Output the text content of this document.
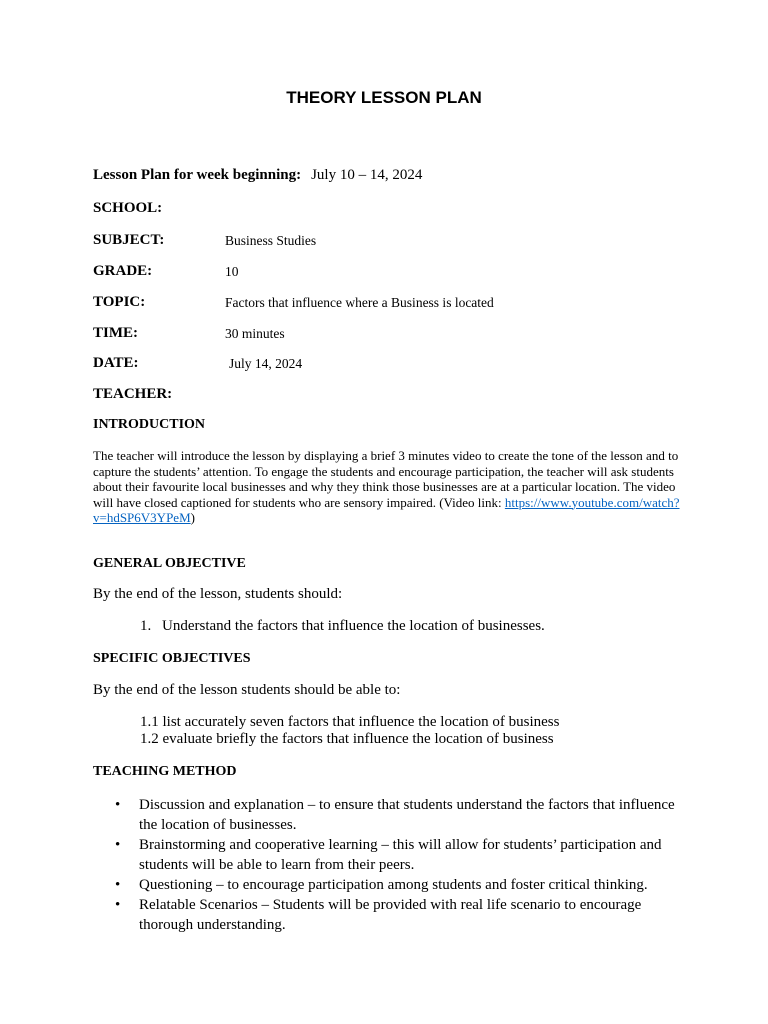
THEORY LESSON PLAN
Lesson Plan for week beginning: July 10 – 14, 2024
SCHOOL:
SUBJECT:	Business Studies
GRADE:	10
TOPIC:	Factors that influence where a Business is located
TIME:	30 minutes
DATE:	July 14, 2024
TEACHER:
INTRODUCTION
The teacher will introduce the lesson by displaying a brief 3 minutes video to create the tone of the lesson and to capture the students’ attention. To engage the students and encourage participation, the teacher will ask students about their favourite local businesses and why they think those businesses are at a particular location. The video will have closed captioned for students who are sensory impaired. (Video link: https://www.youtube.com/watch?v=hdSP6V3YPeM)
GENERAL OBJECTIVE
By the end of the lesson, students should:
1. Understand the factors that influence the location of businesses.
SPECIFIC OBJECTIVES
By the end of the lesson students should be able to:
1.1 list accurately seven factors that influence the location of business
1.2 evaluate briefly the factors that influence the location of business
TEACHING METHOD
• Discussion and explanation – to ensure that students understand the factors that influence the location of businesses.
• Brainstorming and cooperative learning – this will allow for students’ participation and students will be able to learn from their peers.
• Questioning – to encourage participation among students and foster critical thinking.
• Relatable Scenarios – Students will be provided with real life scenario to encourage thorough understanding.
